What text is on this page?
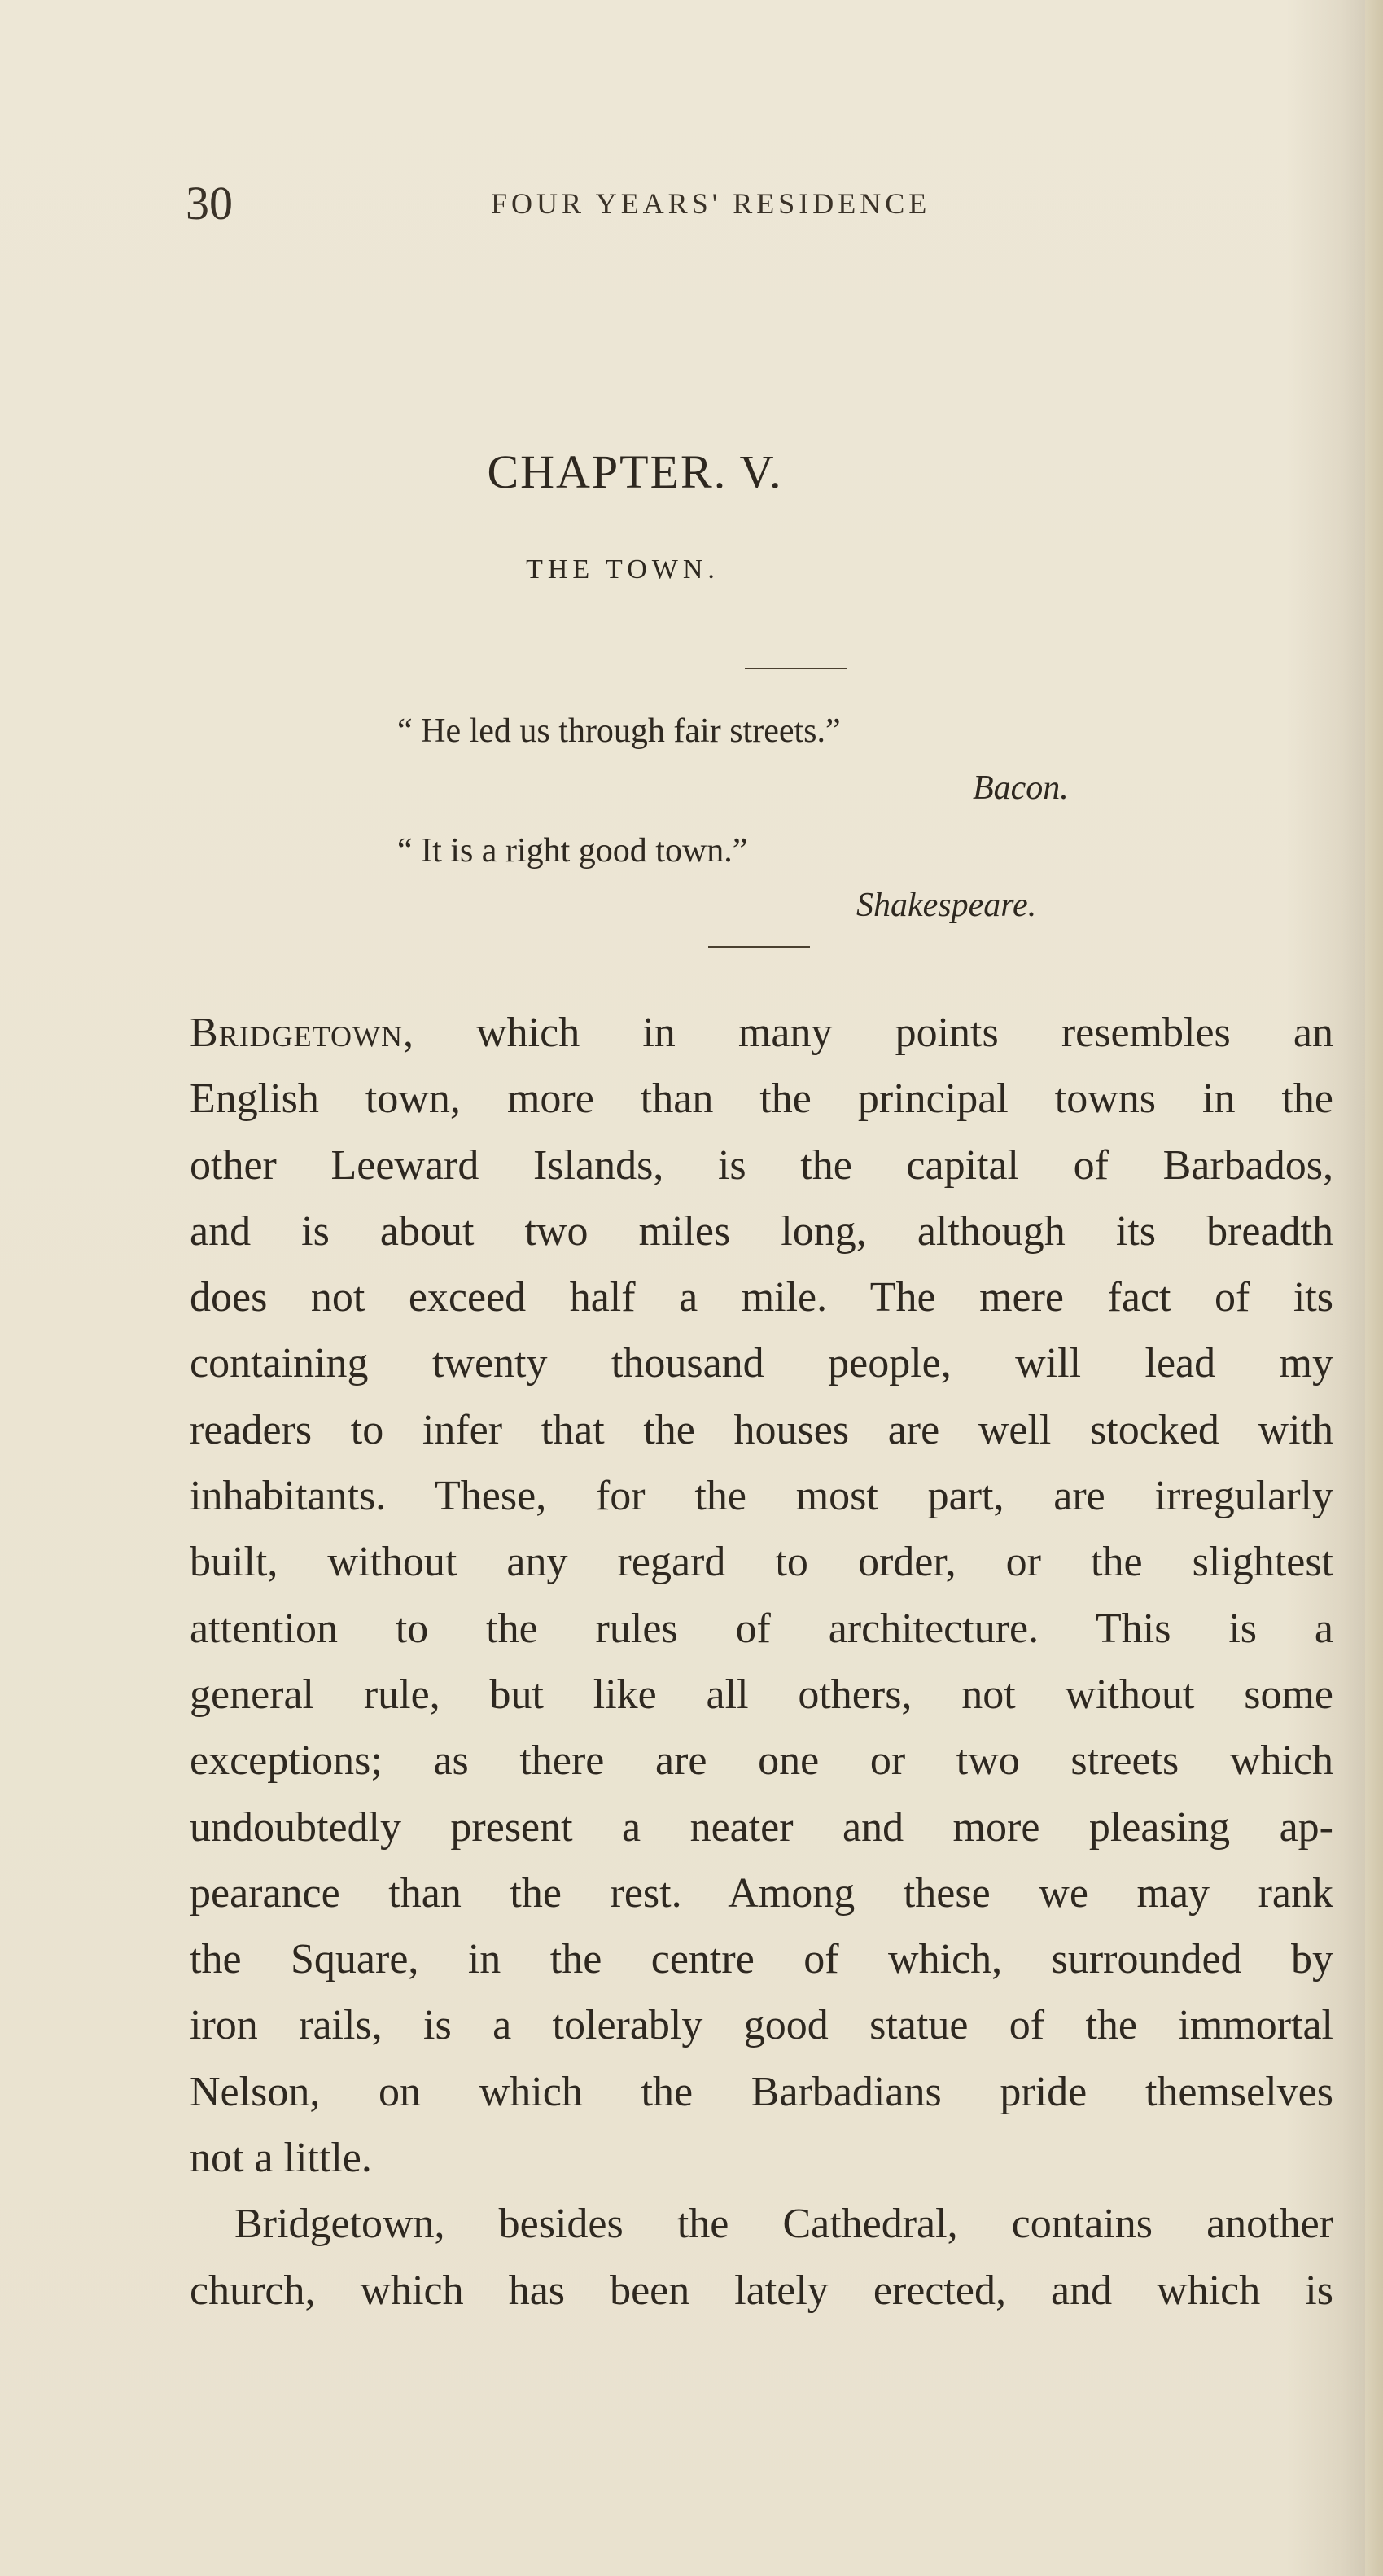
30	FOUR YEARS' RESIDENCE
CHAPTER. V.
THE TOWN.
“ He led us through fair streets.”
Bacon.
“ It is a right good town.”
Shakespeare.
Bridgetown, which in many points resembles an
English town, more than the principal towns in the
other Leeward Islands, is the capital of Barbados,
and is about two miles long, although its breadth
does not exceed half a mile. The mere fact of its
containing twenty thousand people, will lead my
readers to infer that the houses are well stocked with
inhabitants. These, for the most part, are irregularly
built, without any regard to order, or the slightest
attention to the rules of architecture. This is a
general rule, but like all others, not without some
exceptions; as there are one or two streets which
undoubtedly present a neater and more pleasing ap-
pearance than the rest. Among these we may rank
the Square, in the centre of which, surrounded by
iron rails, is a tolerably good statue of the immortal
Nelson, on which the Barbadians pride themselves
not a little.
Bridgetown, besides the Cathedral, contains another
church, which has been lately erected, and which is
